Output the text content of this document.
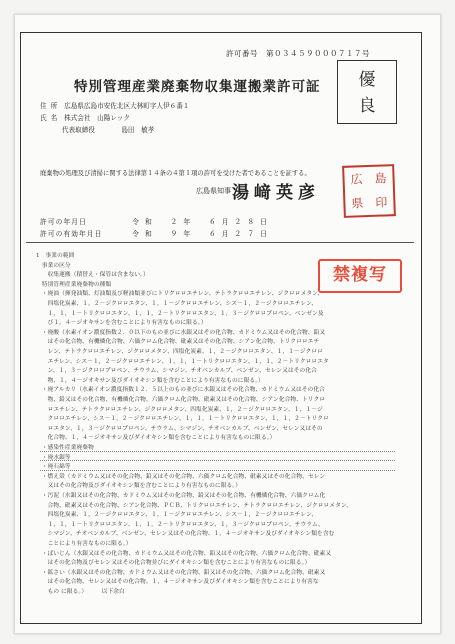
許可番号　第０３４５９０００７１７号
特別管理産業廃棄物収集運搬業許可証	優
良
住所 広島県広島市安佐北区大林町字人伊６番１
氏名 株式会社　山陽レック
代表取締役　　　　島田　敏孝
廃棄物の処理及び清掃に関する法律第１４条の４第１項の許可を受けた者であることを証する。
広島県知事 湯﨑英彦
広 島
県 印
許可の年月日	令和　２年　６月２８日
許可の有効年月日	令和　９年　６月２７日
禁複写
1　事業の範囲
　事業の区分
　　収集運搬（積替え・保管は含まない。）
　特別管理産業廃棄物の種類
　・廃油（揮発油類、灯油類及び軽油類並びにトリクロロエチレン、テトラクロロエチレン、ジクロロメタン、
　　四塩化炭素、１，２－ジクロロエタン、１，１－ジクロロエチレン、シス－１，２－ジクロロエチレン、
　　１，１，１－トリクロロエタン、１，１，２－トリクロロエタン、１，３－ジクロロプロペン、ベンゼン及
　　び１，４－ジオキサンを含むことにより有害なものに限る。）
　・廃酸（水素イオン濃度指数２．０以下のもの並びに水銀又はその化合物、カドミウム又はその化合物、鉛又
　　はその化合物、有機燐化合物、六価クロム化合物、砒素又はその化合物、シアン化合物、トリクロロエチ
　　レン、テトラクロロエチレン、ジクロロメタン、四塩化炭素、１，２－ジクロロエタン、１，１－ジクロロ
　　エチレン、シス－１，２－ジクロロエチレン、１，１，１－トリクロロエタン、１，１，２－トリクロロエタ
　　ン、１，３－ジクロロプロペン、チウラム、シマジン、チオベンカルブ、ベンゼン、セレン又はその化合
　　物、１，４－ジオキサン及びダイオキシン類を含むことにより有害なものに限る。）
　・廃アルカリ（水素イオン濃度指数１２．５以上のもの並びに水銀又はその化合物、カドミウム又はその化合
　　物、鉛又はその化合物、有機燐化合物、六価クロム化合物、砒素又はその化合物、シアン化合物、トリクロ
　　ロエチレン、テトラクロロエチレン、ジクロロメタン、四塩化炭素、１，２－ジクロロエタン、１，１－ジ
　　クロロエチレン、シス－１，２－ジクロロエチレン、１，１，１－トリクロロエタン、１，１，２－トリクロ
　　ロエタン、１，３－ジクロロプロペン、チウラム、シマジン、チオベンカルブ、ベンゼン、セレン又はその
　　化合物、１，４－ジオキサン及びダイオキシン類を含むことにより有害なものに限る。）
　・感染性産業廃棄物
　・廃水銀等
　・廃石綿等
　・燃え殻（カドミウム又はその化合物、鉛又はその化合物、六価クロム化合物、砒素又はその化合物、セレン
　　又はその化合物及びダイオキシン類を含むことにより有害なものに限る。）
　・汚泥（水銀又はその化合物、カドミウム又はその化合物、鉛又はその化合物、有機燐化合物、六価クロム化
　　合物、砒素又はその化合物、シアン化合物、ＰＣＢ、トリクロロエチレン、テトラクロロエチレン、ジクロロメタン、
　　四塩化炭素、１，２－ジクロロエタン、１，１－ジクロロエチレン、シス－１，２－ジクロロエチレン、
　　１，１，１－トリクロロエタン、１，１，２－トリクロロエタン、１，３－ジクロロプロペン、チウラム、
　　シマジン、チオベンカルブ、ベンゼン、セレン又はその化合物、１，４－ジオキサン及びダイオキシン類を含む
　　ことにより有害なものに限る。）
　・ばいじん（水銀又はその化合物、カドミウム又はその化合物、鉛又はその化合物、六価クロム化合物、砒素又
　　はその化合物及びセレン又はその化合物並びにダイオキシン類を含むことにより有害なものに限る。）
　・鉱さい（水銀又はその化合物、カドミウム又はその化合物、鉛又はその化合物、六価クロム化合物、砒素又
　　はその化合物、セレン又はその化合物、１，４－ジオキサン及びダイオキシン類を含むことにより有害な
　　もの に限る。）　　　以下余白
